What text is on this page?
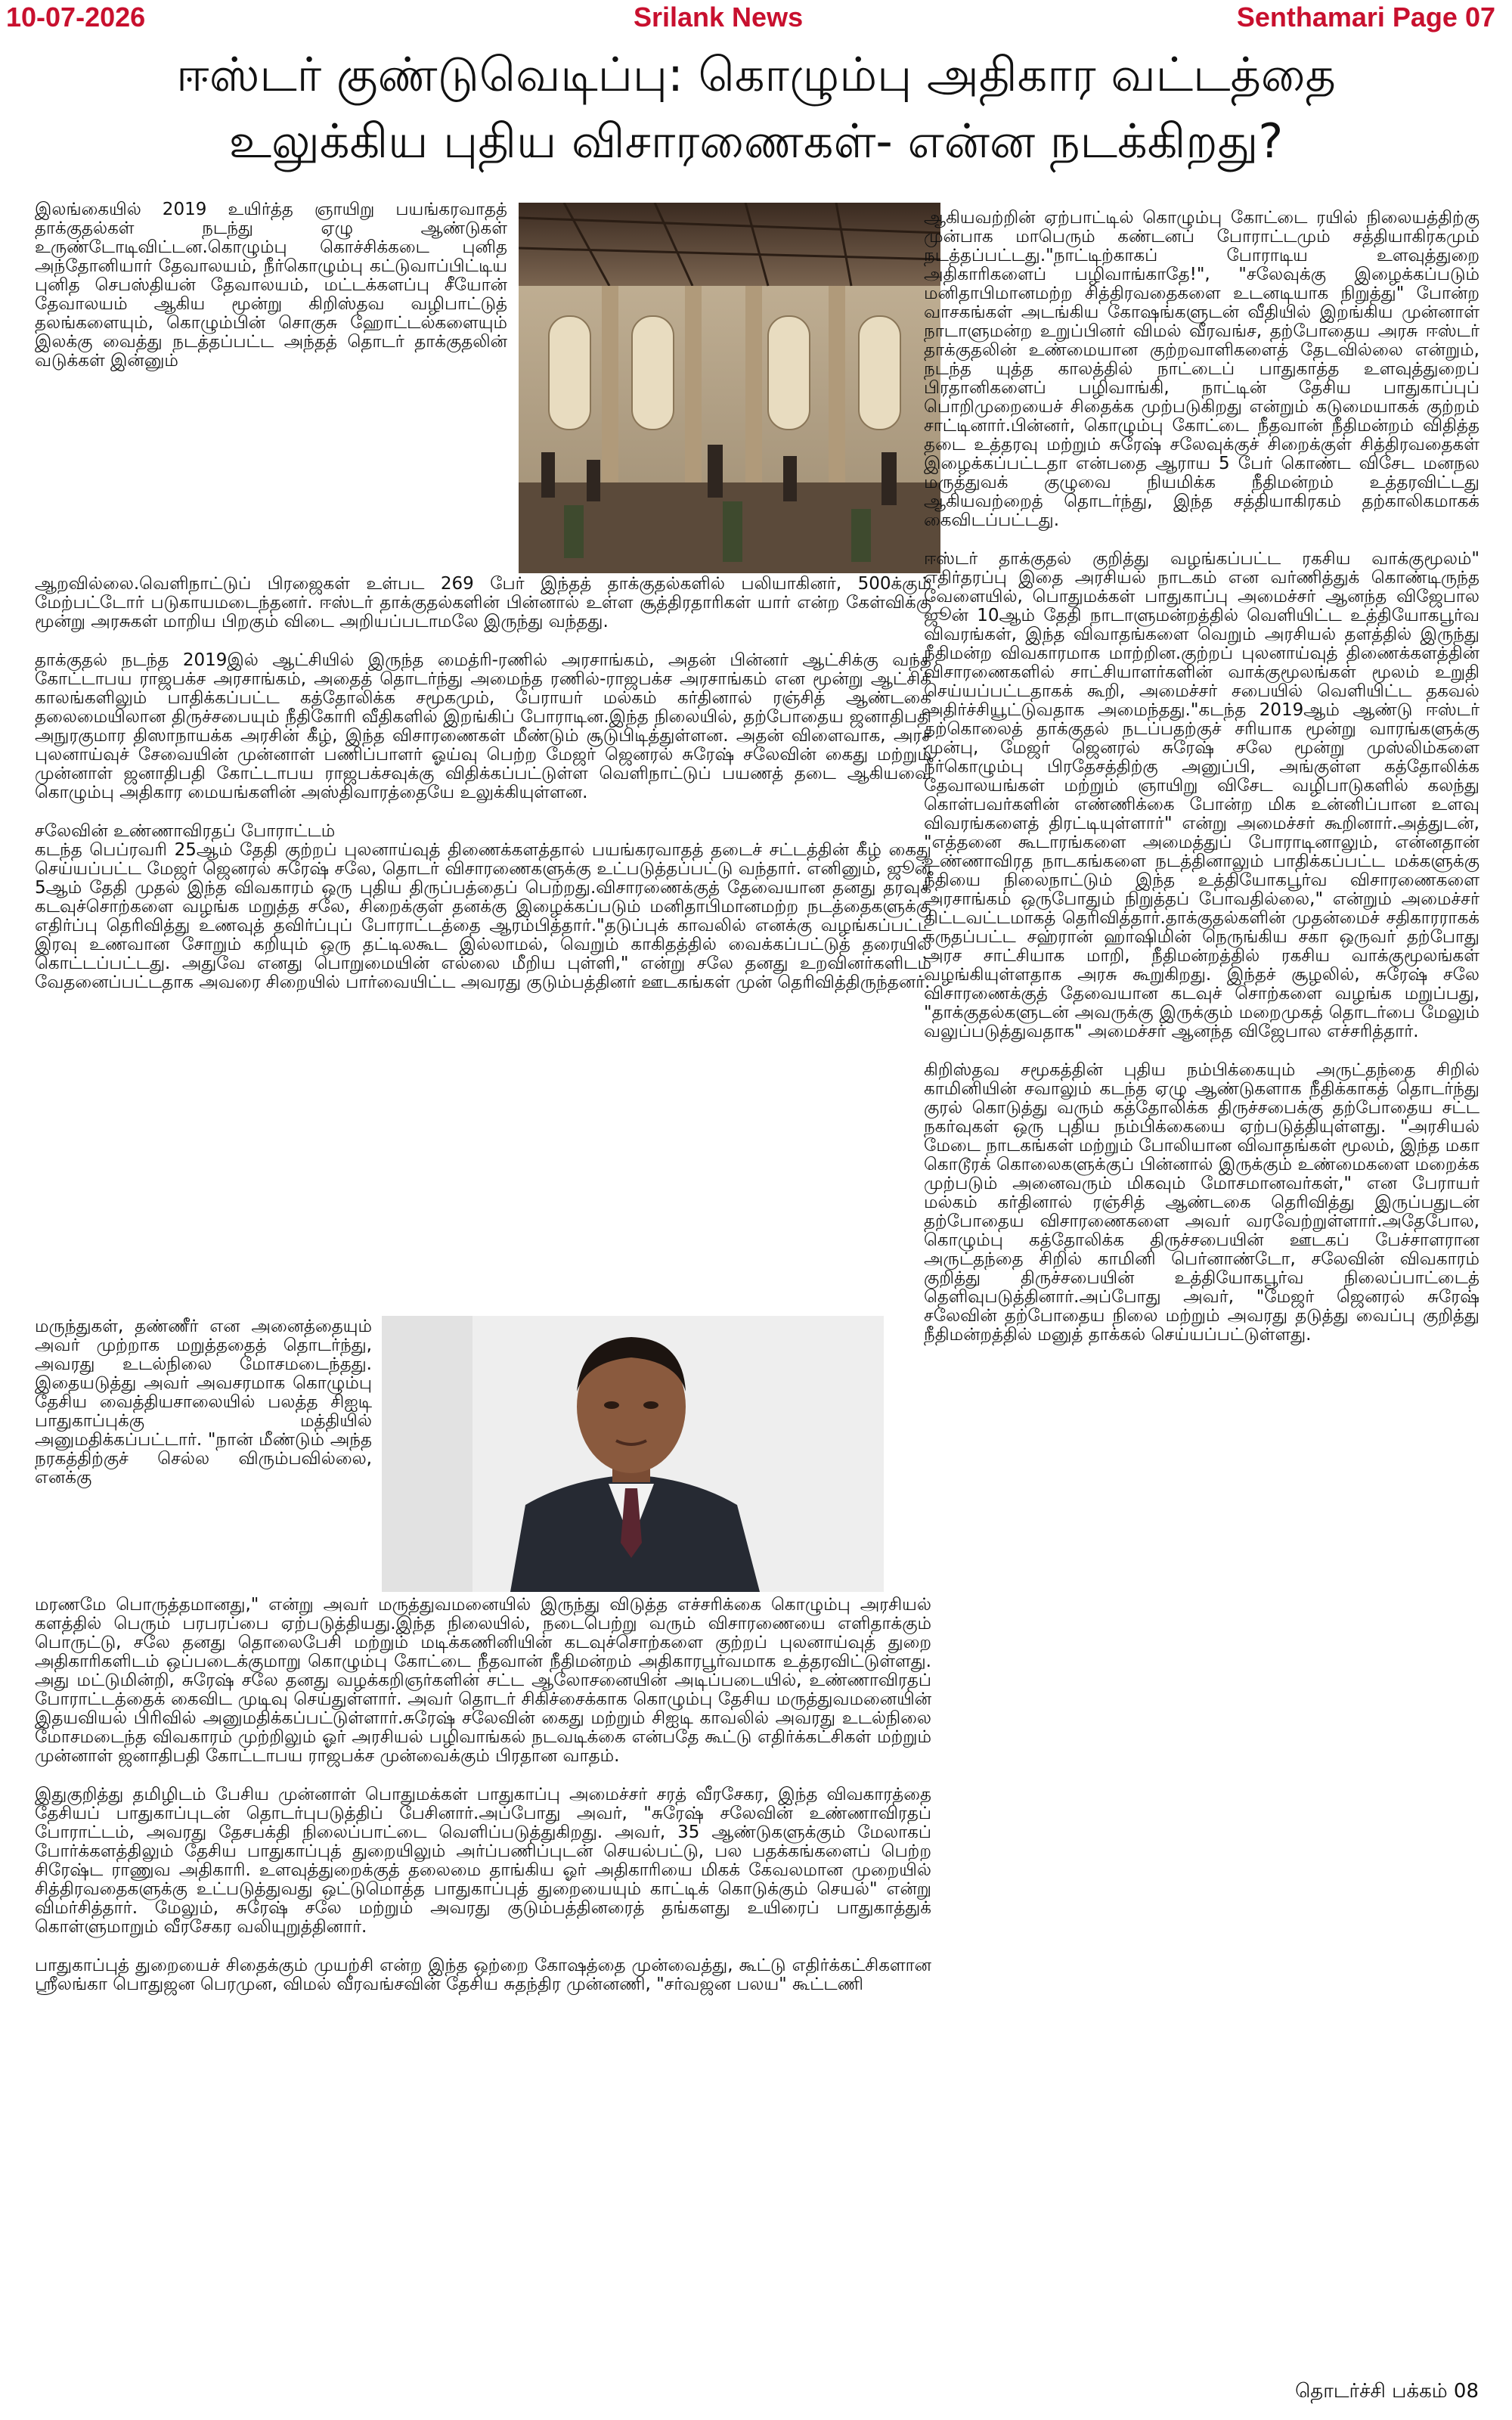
10-07-2026	Srilank News	Senthamari Page 07
ஈஸ்டர் குண்டுவெடிப்பு: கொழும்பு அதிகார வட்டத்தை
உலுக்கிய புதிய விசாரணைகள்- என்ன நடக்கிறது?

இலங்கையில் 2019 உயிர்த்த ஞாயிறு பயங்கரவாதத் தாக்குதல்கள் நடந்து ஏழு ஆண்டுகள் உருண்டோடிவிட்டன.கொழும்பு கொச்சிக்கடை புனித அந்தோனியார் தேவாலயம், நீர்கொழும்பு கட்டுவாப்பிட்டிய புனித செபஸ்தியன் தேவாலயம், மட்டக்களப்பு சீயோன் தேவாலயம் ஆகிய மூன்று கிறிஸ்தவ வழிபாட்டுத் தலங்களையும், கொழும்பின் சொகுசு ஹோட்டல்களையும் இலக்கு வைத்து நடத்தப்பட்ட அந்தத் தொடர் தாக்குதலின் வடுக்கள் இன்னும்

ஆறவில்லை.வெளிநாட்டுப் பிரஜைகள் உள்பட 269 பேர் இந்தத் தாக்குதல்களில் பலியாகினர், 500க்கும் மேற்பட்டோர் படுகாயமடைந்தனர். ஈஸ்டர் தாக்குதல்களின் பின்னால் உள்ள சூத்திரதாரிகள் யார் என்ற கேள்விக்கு மூன்று அரசுகள் மாறிய பிறகும் விடை அறியப்படாமலே இருந்து வந்தது.

தாக்குதல் நடந்த 2019இல் ஆட்சியில் இருந்த மைத்ரி-ரணில் அரசாங்கம், அதன் பின்னர் ஆட்சிக்கு வந்த கோட்டாபய ராஜபக்ச அரசாங்கம், அதைத் தொடர்ந்து அமைந்த ரணில்-ராஜபக்ச அரசாங்கம் என மூன்று ஆட்சிக் காலங்களிலும் பாதிக்கப்பட்ட கத்தோலிக்க சமூகமும், பேராயர் மல்கம் கர்தினால் ரஞ்சித் ஆண்டகை தலைமையிலான திருச்சபையும் நீதிகோரி வீதிகளில் இறங்கிப் போராடின.இந்த நிலையில், தற்போதைய ஜனாதிபதி அநுரகுமார திஸாநாயக்க அரசின் கீழ், இந்த விசாரணைகள் மீண்டும் சூடுபிடித்துள்ளன. அதன் விளைவாக, அரச புலனாய்வுச் சேவையின் முன்னாள் பணிப்பாளர் ஓய்வு பெற்ற மேஜர் ஜெனரல் சுரேஷ் சலேவின் கைது மற்றும் முன்னாள் ஜனாதிபதி கோட்டாபய ராஜபக்சவுக்கு விதிக்கப்பட்டுள்ள வெளிநாட்டுப் பயணத் தடை ஆகியவை கொழும்பு அதிகார மையங்களின் அஸ்திவாரத்தையே உலுக்கியுள்ளன.

சலேவின் உண்ணாவிரதப் போராட்டம்

கடந்த பெப்ரவரி 25ஆம் தேதி குற்றப் புலனாய்வுத் திணைக்களத்தால் பயங்கரவாதத் தடைச் சட்டத்தின் கீழ் கைது செய்யப்பட்ட மேஜர் ஜெனரல் சுரேஷ் சலே, தொடர் விசாரணைகளுக்கு உட்படுத்தப்பட்டு வந்தார். எனினும், ஜூன் 5ஆம் தேதி முதல் இந்த விவகாரம் ஒரு புதிய திருப்பத்தைப் பெற்றது.விசாரணைக்குத் தேவையான தனது தரவுக் கடவுச்சொற்களை வழங்க மறுத்த சலே, சிறைக்குள் தனக்கு இழைக்கப்படும் மனிதாபிமானமற்ற நடத்தைகளுக்கு எதிர்ப்பு தெரிவித்து உணவுத் தவிர்ப்புப் போராட்டத்தை ஆரம்பித்தார்."தடுப்புக் காவலில் எனக்கு வழங்கப்பட்ட இரவு உணவான சோறும் கறியும் ஒரு தட்டிலகூட இல்லாமல், வெறும் காகிதத்தில் வைக்கப்பட்டுத் தரையில் கொட்டப்பட்டது. அதுவே எனது பொறுமையின் எல்லை மீறிய புள்ளி," என்று சலே தனது உறவினர்களிடம் வேதனைப்பட்டதாக அவரை சிறையில் பார்வையிட்ட அவரது குடும்பத்தினர் ஊடகங்கள் முன் தெரிவித்திருந்தனர்.

மருந்துகள், தண்ணீர் என அனைத்தையும் அவர் முற்றாக மறுத்ததைத் தொடர்ந்து, அவரது உடல்நிலை மோசமடைந்தது. இதையடுத்து அவர் அவசரமாக கொழும்பு தேசிய வைத்தியசாலையில் பலத்த சிஐடி பாதுகாப்புக்கு மத்தியில் அனுமதிக்கப்பட்டார். "நான் மீண்டும் அந்த நரகத்திற்குச் செல்ல விரும்பவில்லை, எனக்கு

மரணமே பொருத்தமானது," என்று அவர் மருத்துவமனையில் இருந்து விடுத்த எச்சரிக்கை கொழும்பு அரசியல் களத்தில் பெரும் பரபரப்பை ஏற்படுத்தியது.இந்த நிலையில், நடைபெற்று வரும் விசாரணையை எளிதாக்கும் பொருட்டு, சலே தனது தொலைபேசி மற்றும் மடிக்கணினியின் கடவுச்சொற்களை குற்றப் புலனாய்வுத் துறை அதிகாரிகளிடம் ஒப்படைக்குமாறு கொழும்பு கோட்டை நீதவான் நீதிமன்றம் அதிகாரபூர்வமாக உத்தரவிட்டுள்ளது. அது மட்டுமின்றி, சுரேஷ் சலே தனது வழக்கறிஞர்களின் சட்ட ஆலோசனையின் அடிப்படையில், உண்ணாவிரதப் போராட்டத்தைக் கைவிட முடிவு செய்துள்ளார். அவர் தொடர் சிகிச்சைக்காக கொழும்பு தேசிய மருத்துவமனையின் இதயவியல் பிரிவில் அனுமதிக்கப்பட்டுள்ளார்.சுரேஷ் சலேவின் கைது மற்றும் சிஐடி காவலில் அவரது உடல்நிலை மோசமடைந்த விவகாரம் முற்றிலும் ஓர் அரசியல் பழிவாங்கல் நடவடிக்கை என்பதே கூட்டு எதிர்க்கட்சிகள் மற்றும் முன்னாள் ஜனாதிபதி கோட்டாபய ராஜபக்ச முன்வைக்கும் பிரதான வாதம்.

இதுகுறித்து தமிழிடம் பேசிய முன்னாள் பொதுமக்கள் பாதுகாப்பு அமைச்சர் சரத் வீரசேகர, இந்த விவகாரத்தை தேசியப் பாதுகாப்புடன் தொடர்புபடுத்திப் பேசினார்.அப்போது அவர், "சுரேஷ் சலேவின் உண்ணாவிரதப் போராட்டம், அவரது தேசபக்தி நிலைப்பாட்டை வெளிப்படுத்துகிறது. அவர், 35 ஆண்டுகளுக்கும் மேலாகப் போர்க்களத்திலும் தேசிய பாதுகாப்புத் துறையிலும் அர்ப்பணிப்புடன் செயல்பட்டு, பல பதக்கங்களைப் பெற்ற சிரேஷ்ட ராணுவ அதிகாரி. உளவுத்துறைக்குத் தலைமை தாங்கிய ஓர் அதிகாரியை மிகக் கேவலமான முறையில் சித்திரவதைகளுக்கு உட்படுத்துவது ஒட்டுமொத்த பாதுகாப்புத் துறையையும் காட்டிக் கொடுக்கும் செயல்" என்று விமர்சித்தார். மேலும், சுரேஷ் சலே மற்றும் அவரது குடும்பத்தினரைத் தங்களது உயிரைப் பாதுகாத்துக் கொள்ளுமாறும் வீரசேகர வலியுறுத்தினார்.

பாதுகாப்புத் துறையைச் சிதைக்கும் முயற்சி என்ற இந்த ஒற்றை கோஷத்தை முன்வைத்து, கூட்டு எதிர்க்கட்சிகளான ஸ்ரீலங்கா பொதுஜன பெரமுன, விமல் வீரவங்சவின் தேசிய சுதந்திர முன்னணி, "சர்வஜன பலய" கூட்டணி

ஆகியவற்றின் ஏற்பாட்டில் கொழும்பு கோட்டை ரயில் நிலையத்திற்கு முன்பாக மாபெரும் கண்டனப் போராட்டமும் சத்தியாகிரகமும் நடத்தப்பட்டது."நாட்டிற்காகப் போராடிய உளவுத்துறை அதிகாரிகளைப் பழிவாங்காதே!", "சலேவுக்கு இழைக்கப்படும் மனிதாபிமானமற்ற சித்திரவதைகளை உடனடியாக நிறுத்து" போன்ற வாசகங்கள் அடங்கிய கோஷங்களுடன் வீதியில் இறங்கிய முன்னாள் நாடாளுமன்ற உறுப்பினர் விமல் வீரவங்ச, தற்போதைய அரசு ஈஸ்டர் தாக்குதலின் உண்மையான குற்றவாளிகளைத் தேடவில்லை என்றும், நடந்த யுத்த காலத்தில் நாட்டைப் பாதுகாத்த உளவுத்துறைப் பிரதானிகளைப் பழிவாங்கி, நாட்டின் தேசிய பாதுகாப்புப் பொறிமுறையைச் சிதைக்க முற்படுகிறது என்றும் கடுமையாகக் குற்றம் சாட்டினார்.பின்னர், கொழும்பு கோட்டை நீதவான் நீதிமன்றம் விதித்த தடை உத்தரவு மற்றும் சுரேஷ் சலேவுக்குச் சிறைக்குள் சித்திரவதைகள் இழைக்கப்பட்டதா என்பதை ஆராய 5 பேர் கொண்ட விசேட மனநல மருத்துவக் குழுவை நியமிக்க நீதிமன்றம் உத்தரவிட்டது ஆகியவற்றைத் தொடர்ந்து, இந்த சத்தியாகிரகம் தற்காலிகமாகக் கைவிடப்பட்டது.

ஈஸ்டர் தாக்குதல் குறித்து வழங்கப்பட்ட ரகசிய வாக்குமூலம்" எதிர்தரப்பு இதை அரசியல் நாடகம் என வர்ணித்துக் கொண்டிருந்த வேளையில், பொதுமக்கள் பாதுகாப்பு அமைச்சர் ஆனந்த விஜேபால ஜூன் 10ஆம் தேதி நாடாளுமன்றத்தில் வெளியிட்ட உத்தியோகபூர்வ விவரங்கள், இந்த விவாதங்களை வெறும் அரசியல் தளத்தில் இருந்து நீதிமன்ற விவகாரமாக மாற்றின.குற்றப் புலனாய்வுத் திணைக்களத்தின் விசாரணைகளில் சாட்சியாளர்களின் வாக்குமூலங்கள் மூலம் உறுதி செய்யப்பட்டதாகக் கூறி, அமைச்சர் சபையில் வெளியிட்ட தகவல் அதிர்ச்சியூட்டுவதாக அமைந்தது."கடந்த 2019ஆம் ஆண்டு ஈஸ்டர் தற்கொலைத் தாக்குதல் நடப்பதற்குச் சரியாக மூன்று வாரங்களுக்கு முன்பு, மேஜர் ஜெனரல் சுரேஷ் சலே மூன்று முஸ்லிம்களை நீர்கொழும்பு பிரதேசத்திற்கு அனுப்பி, அங்குள்ள கத்தோலிக்க தேவாலயங்கள் மற்றும் ஞாயிறு விசேட வழிபாடுகளில் கலந்து கொள்பவர்களின் எண்ணிக்கை போன்ற மிக உன்னிப்பான உளவு விவரங்களைத் திரட்டியுள்ளார்" என்று அமைச்சர் கூறினார்.அத்துடன், "எத்தனை கூடாரங்களை அமைத்துப் போராடினாலும், என்னதான் உண்ணாவிரத நாடகங்களை நடத்தினாலும் பாதிக்கப்பட்ட மக்களுக்கு நீதியை நிலைநாட்டும் இந்த உத்தியோகபூர்வ விசாரணைகளை அரசாங்கம் ஒருபோதும் நிறுத்தப் போவதில்லை," என்றும் அமைச்சர் திட்டவட்டமாகத் தெரிவித்தார்.தாக்குதல்களின் முதன்மைச் சதிகாரராகக் கருதப்பட்ட சஹ்ரான் ஹாஷிமின் நெருங்கிய சகா ஒருவர் தற்போது அரச சாட்சியாக மாறி, நீதிமன்றத்தில் ரகசிய வாக்குமூலங்கள் வழங்கியுள்ளதாக அரசு கூறுகிறது. இந்தச் சூழலில், சுரேஷ் சலே விசாரணைக்குத் தேவையான கடவுச் சொற்களை வழங்க மறுப்பது, "தாக்குதல்களுடன் அவருக்கு இருக்கும் மறைமுகத் தொடர்பை மேலும் வலுப்படுத்துவதாக" அமைச்சர் ஆனந்த விஜேபால எச்சரித்தார்.

கிறிஸ்தவ சமூகத்தின் புதிய நம்பிக்கையும் அருட்தந்தை சிறில் காமினியின் சவாலும் கடந்த ஏழு ஆண்டுகளாக நீதிக்காகத் தொடர்ந்து குரல் கொடுத்து வரும் கத்தோலிக்க திருச்சபைக்கு தற்போதைய சட்ட நகர்வுகள் ஒரு புதிய நம்பிக்கையை ஏற்படுத்தியுள்ளது. "அரசியல் மேடை நாடகங்கள் மற்றும் போலியான விவாதங்கள் மூலம், இந்த மகா கொடூரக் கொலைகளுக்குப் பின்னால் இருக்கும் உண்மைகளை மறைக்க முற்படும் அனைவரும் மிகவும் மோசமானவர்கள்," என பேராயர் மல்கம் கர்தினால் ரஞ்சித் ஆண்டகை தெரிவித்து இருப்பதுடன் தற்போதைய விசாரணைகளை அவர் வரவேற்றுள்ளார்.அதேபோல, கொழும்பு கத்தோலிக்க திருச்சபையின் ஊடகப் பேச்சாளரான அருட்தந்தை சிறில் காமினி பெர்னாண்டோ, சலேவின் விவகாரம் குறித்து திருச்சபையின் உத்தியோகபூர்வ நிலைப்பாட்டைத் தெளிவுபடுத்தினார்.அப்போது அவர், "மேஜர் ஜெனரல் சுரேஷ் சலேவின் தற்போதைய நிலை மற்றும் அவரது தடுத்து வைப்பு குறித்து நீதிமன்றத்தில் மனுத் தாக்கல் செய்யப்பட்டுள்ளது.

தொடர்ச்சி பக்கம் 08
